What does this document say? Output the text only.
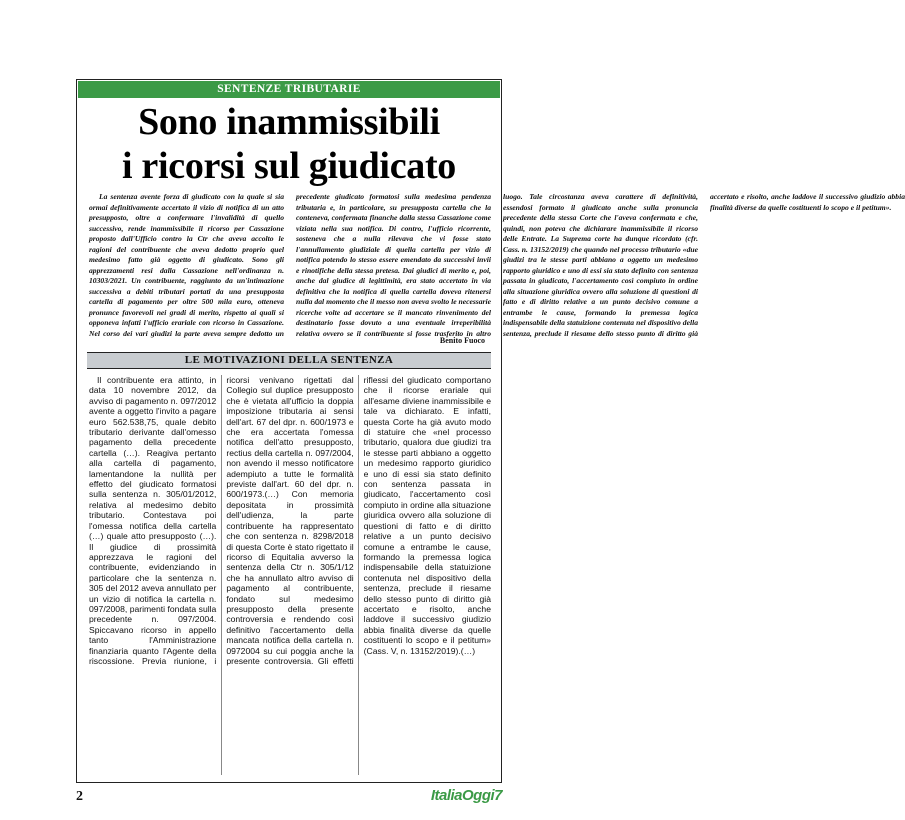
SENTENZE TRIBUTARIE
Sono inammissibili
i ricorsi sul giudicato

La sentenza avente forza di giudicato con la quale si sia ormai definitivamente accertato il vizio di notifica di un atto presupposto, oltre a confermare l'invalidità di quello successivo, rende inammissibile il ricorso per Cassazione proposto dall'Ufficio contro la Ctr che aveva accolto le ragioni del contribuente che aveva dedotto proprio quel medesimo fatto già oggetto di giudicato. Sono gli apprezzamenti resi dalla Cassazione nell'ordinanza n. 10303/2021. Un contribuente, raggiunto da un'intimazione successiva a debiti tributari portati da una presupposta cartella di pagamento per oltre 500 mila euro, otteneva pronunce favorevoli nei gradi di merito, rispetto ai quali si opponeva infatti l'ufficio erariale con ricorso in Cassazione. Nel corso dei vari giudizi la parte aveva sempre dedotto un precedente giudicato formatosi sulla medesima pendenza tributaria e, in particolare, su presupposta cartella che la conteneva, confermata finanche dalla stessa Cassazione come viziata nella sua notifica. Di contro, l'ufficio ricorrente, sosteneva che a nulla rilevava che vi fosse stato l'annullamento giudiziale di quella cartella per vizio di notifica potendo lo stesso essere emendato da successivi invii e rinotifiche della stessa pretesa. Dai giudici di merito e, poi, anche dal giudice di legittimità, era stato accertato in via definitiva che la notifica di quella cartella doveva ritenersi nulla dal momento che il messo non aveva svolto le necessarie ricerche volte ad accertare se il mancato rinvenimento del destinatario fosse dovuto a una eventuale irreperibilità relativa ovvero se il contribuente si fosse trasferito in altro luogo. Tale circostanza aveva carattere di definitività, essendosi formato il giudicato anche sulla pronuncia precedente della stessa Corte che l'aveva confermata e che, quindi, non poteva che dichiarare inammissibile il ricorso delle Entrate. La Suprema corte ha dunque ricordato (cfr. Cass. n. 13152/2019) che quando nel processo tributario «due giudizi tra le stesse parti abbiano a oggetto un medesimo rapporto giuridico e uno di essi sia stato definito con sentenza passata in giudicato, l'accertamento così compiuto in ordine alla situazione giuridica ovvero alla soluzione di questioni di fatto e di diritto relative a un punto decisivo comune a entrambe le cause, formando la premessa logica indispensabile della statuizione contenuta nel dispositivo della sentenza, preclude il riesame dello stesso punto di diritto già accertato e risolto, anche laddove il successivo giudizio abbia finalità diverse da quelle costituenti lo scopo e il petitum».

Benito Fuoco
LE MOTIVAZIONI DELLA SENTENZA

Il contribuente era attinto, in data 10 novembre 2012, da avviso di pagamento n. 097/2012 avente a oggetto l'invito a pagare euro 562.538,75, quale debito tributario derivante dall'omesso pagamento della precedente cartella (…). Reagiva pertanto alla cartella di pagamento, lamentandone la nullità per effetto del giudicato formatosi sulla sentenza n. 305/01/2012, relativa al medesimo debito tributario. Contestava poi l'omessa notifica della cartella (…) quale atto presupposto (…). Il giudice di prossimità apprezzava le ragioni del contribuente, evidenziando in particolare che la sentenza n. 305 del 2012 aveva annullato per un vizio di notifica la cartella n. 097/2008, parimenti fondata sulla precedente n. 097/2004. Spiccavano ricorso in appello tanto l'Amministrazione finanziaria quanto l'Agente della riscossione. Previa riunione, i ricorsi venivano rigettati dal Collegio sul duplice presupposto che è vietata all'ufficio la doppia imposizione tributaria ai sensi dell'art. 67 del dpr. n. 600/1973 e che era accertata l'omessa notifica dell'atto presupposto, rectius della cartella n. 097/2004, non avendo il messo notificatore adempiuto a tutte le formalità previste dall'art. 60 del dpr. n. 600/1973.(…) Con memoria depositata in prossimità dell'udienza, la parte contribuente ha rappresentato che con sentenza n. 8298/2018 di questa Corte è stato rigettato il ricorso di Equitalia avverso la sentenza della Ctr n. 305/1/12 che ha annullato altro avviso di pagamento al contribuente, fondato sul medesimo presupposto della presente controversia e rendendo così definitivo l'accertamento della mancata notifica della cartella n. 0972004 su cui poggia anche la presente controversia. Gli effetti riflessi del giudicato comportano che il ricorse erariale qui all'esame diviene inammissibile e tale va dichiarato. E infatti, questa Corte ha già avuto modo di statuire che «nel processo tributario, qualora due giudizi tra le stesse parti abbiano a oggetto un medesimo rapporto giuridico e uno di essi sia stato definito con sentenza passata in giudicato, l'accertamento così compiuto in ordine alla situazione giuridica ovvero alla soluzione di questioni di fatto e di diritto relative a un punto decisivo comune a entrambe le cause, formando la premessa logica indispensabile della statuizione contenuta nel dispositivo della sentenza, preclude il riesame dello stesso punto di diritto già accertato e risolto, anche laddove il successivo giudizio abbia finalità diverse da quelle costituenti lo scopo e il petitum» (Cass. V, n. 13152/2019).(…)

2	ItaliaOggi7
